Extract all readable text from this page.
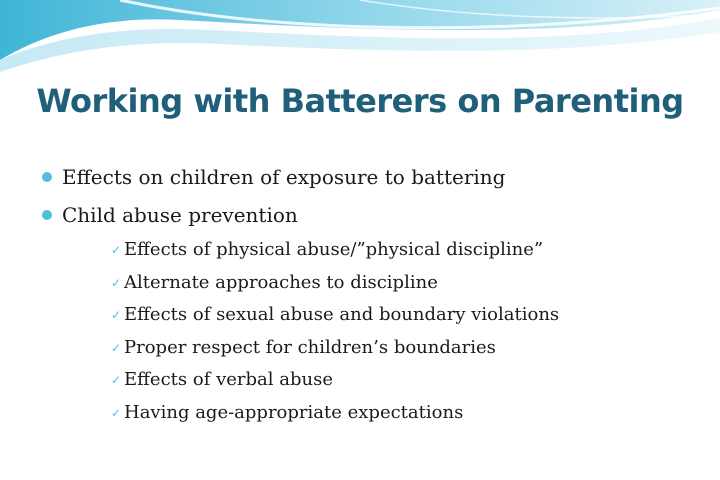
Working with Batterers on Parenting
Effects on children of exposure to battering
Child abuse prevention
✓ Effects of physical abuse/”physical discipline”
✓ Alternate approaches to discipline
✓ Effects of sexual abuse and boundary violations
✓ Proper respect for children’s boundaries
✓ Effects of verbal abuse
✓ Having age-appropriate expectations
